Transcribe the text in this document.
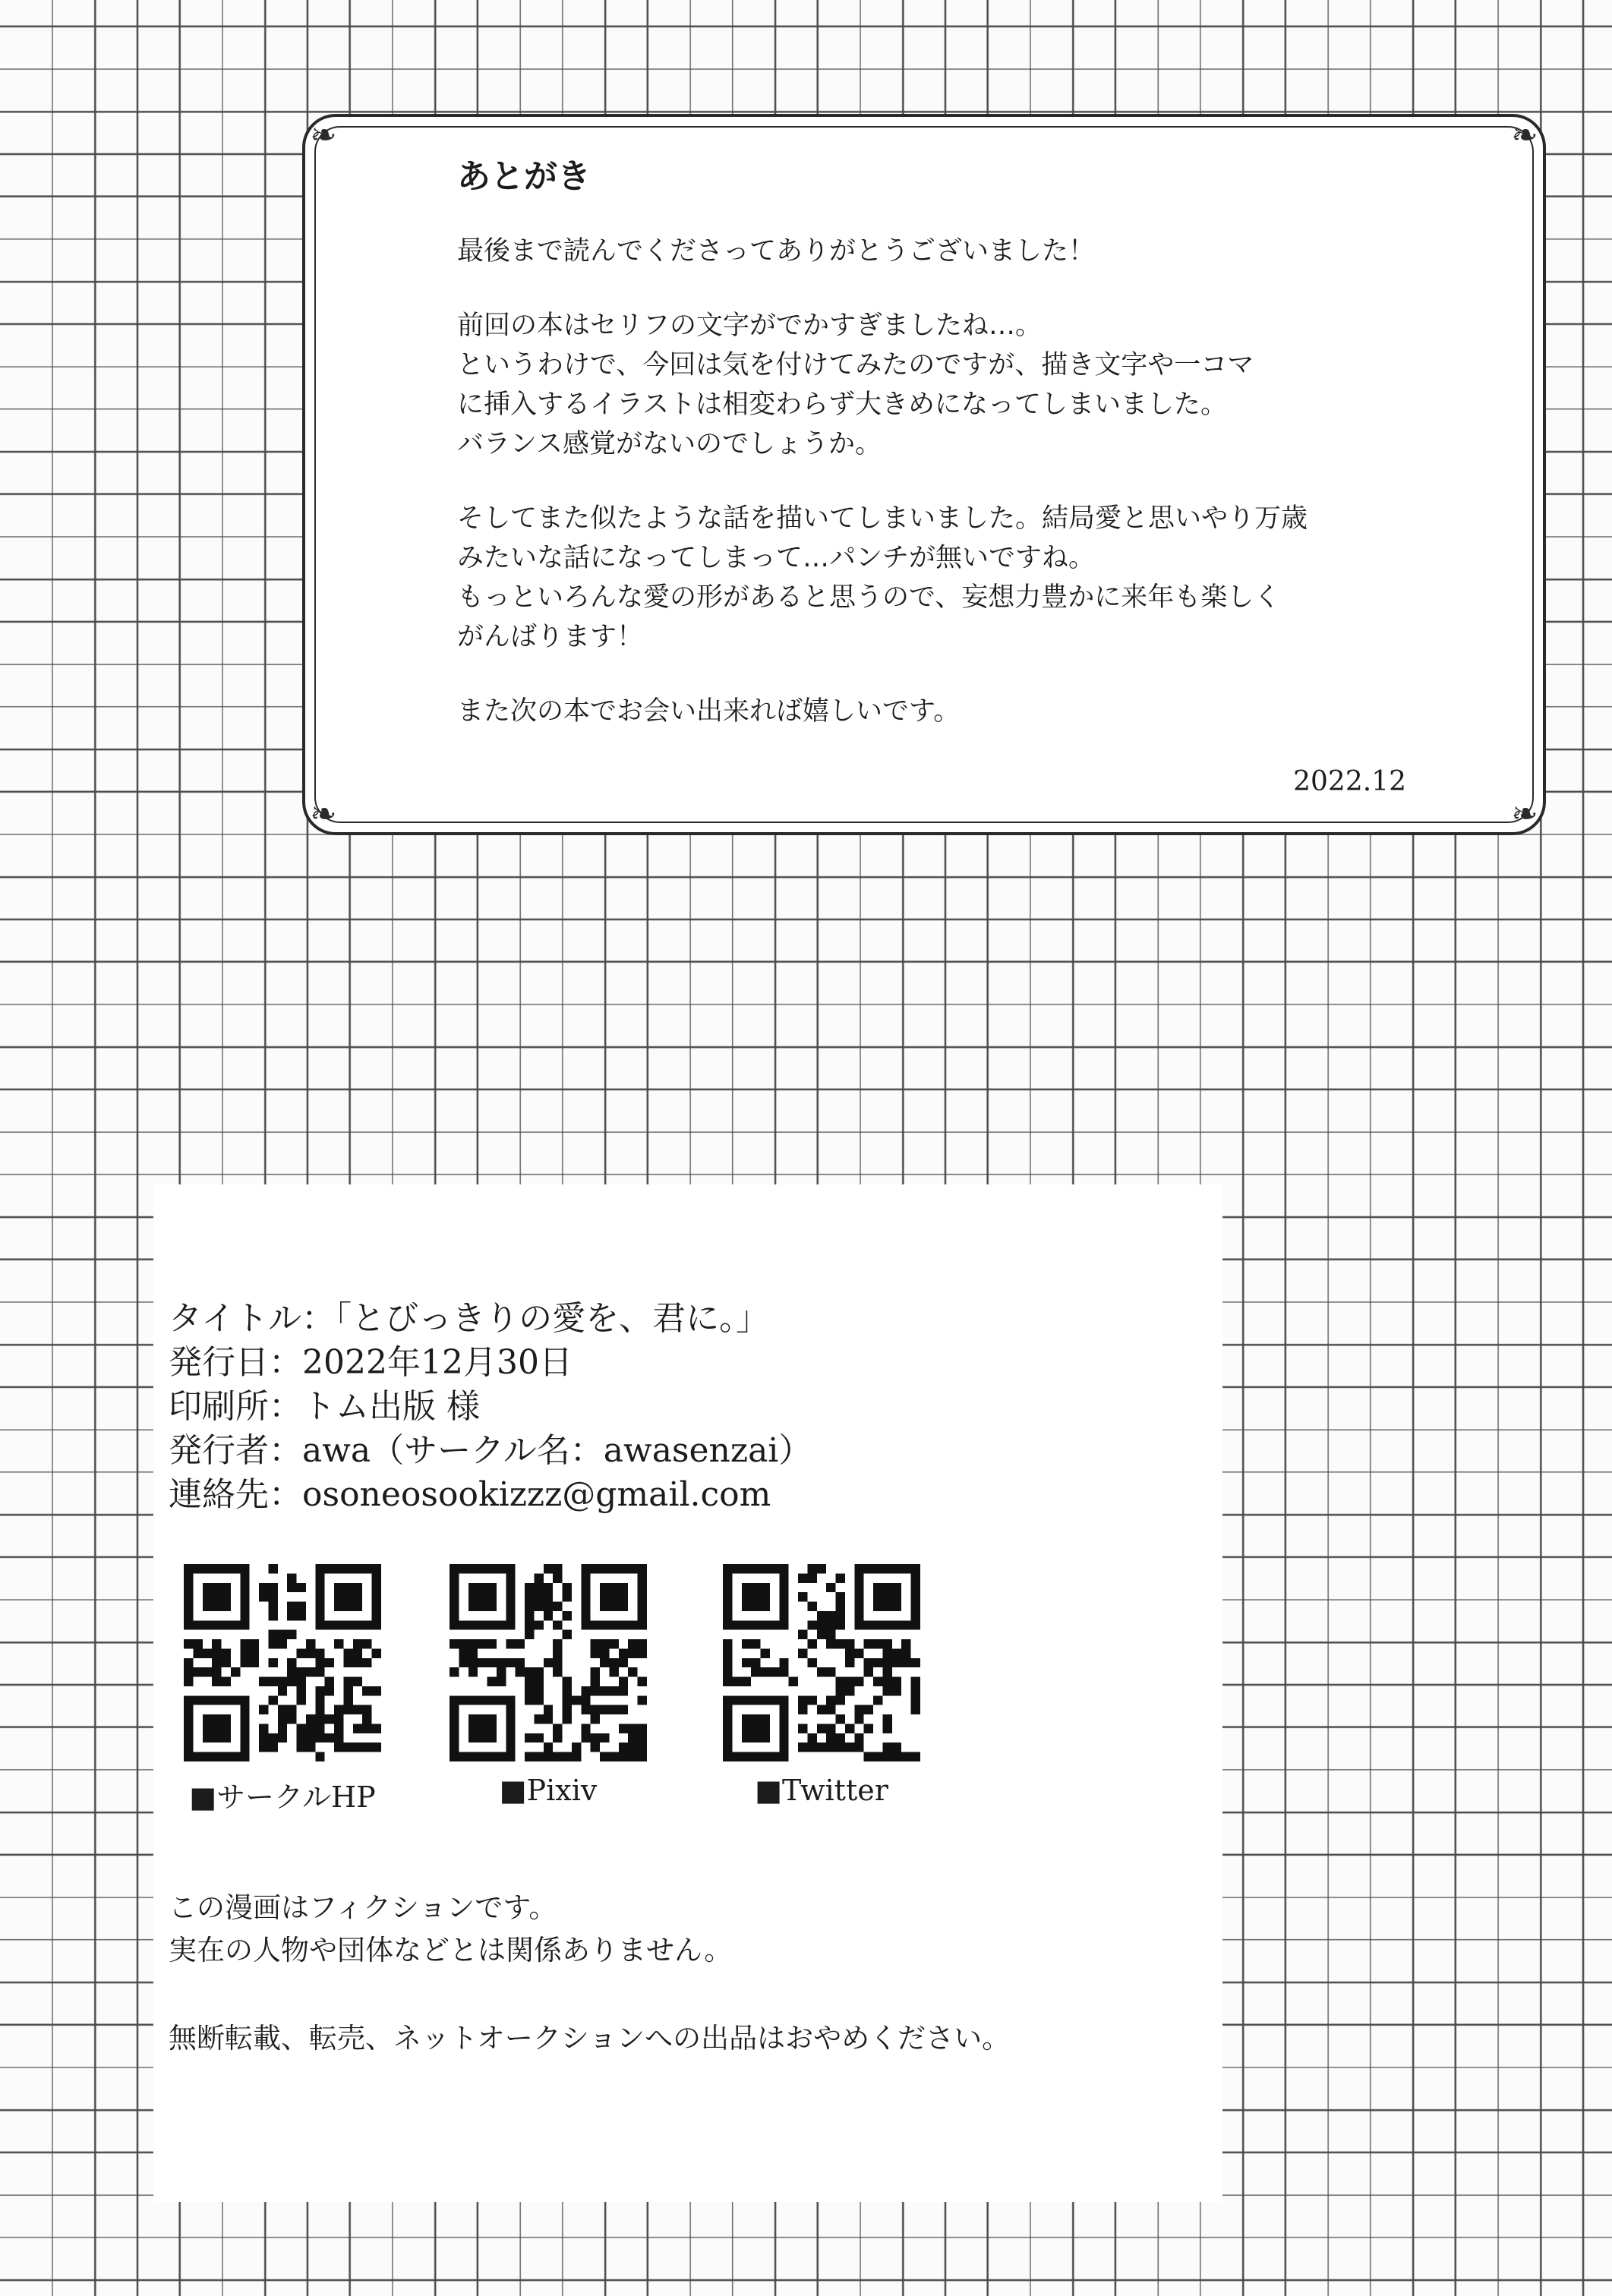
❧	❧
❧	❧
あとがき
最後まで読んでくださってありがとうございました！
前回の本はセリフの文字がでかすぎましたね…。
というわけで、今回は気を付けてみたのですが、描き文字や一コマ
に挿入するイラストは相変わらず大きめになってしまいました。
バランス感覚がないのでしょうか。
そしてまた似たような話を描いてしまいました。結局愛と思いやり万歳
みたいな話になってしまって…パンチが無いですね。
もっといろんな愛の形があると思うので、妄想力豊かに来年も楽しく
がんばります！
また次の本でお会い出来れば嬉しいです。
2022.12
タイトル：「とびっきりの愛を、君に。」
発行日：2022年12月30日
印刷所：トム出版 様
発行者：awa（サークル名：awasenzai）
連絡先：osoneosookizzz@gmail.com
■サークルHP	■Pixiv	■Twitter
この漫画はフィクションです。
実在の人物や団体などとは関係ありません。
無断転載、転売、ネットオークションへの出品はおやめください。
